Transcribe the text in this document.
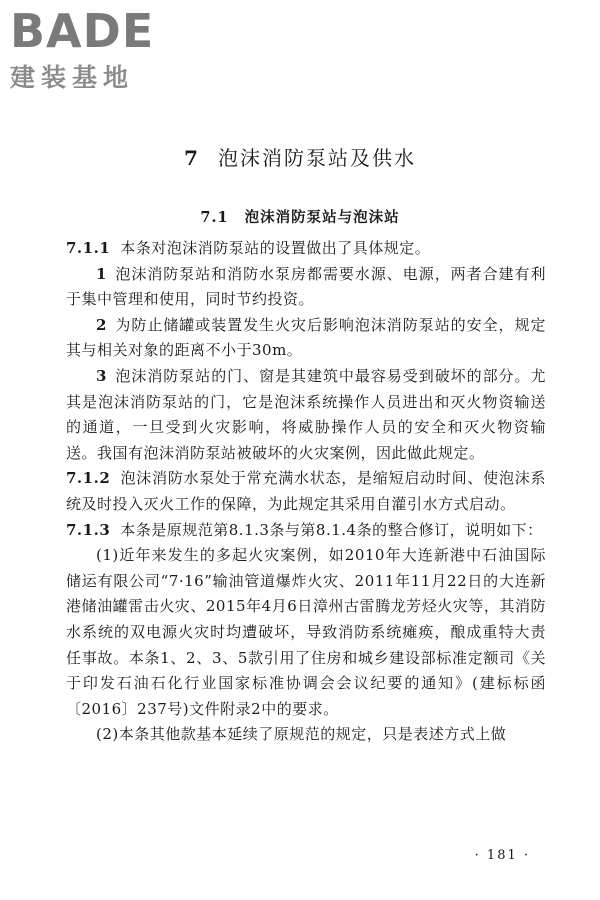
BADE
建装基地
7 泡沫消防泵站及供水
7.1 泡沫消防泵站与泡沫站

7.1.1 本条对泡沫消防泵站的设置做出了具体规定。

1 泡沫消防泵站和消防水泵房都需要水源、电源，两者合建有利于集中管理和使用，同时节约投资。

2 为防止储罐或装置发生火灾后影响泡沫消防泵站的安全，规定其与相关对象的距离不小于30m。

3 泡沫消防泵站的门、窗是其建筑中最容易受到破坏的部分。尤其是泡沫消防泵站的门，它是泡沫系统操作人员进出和灭火物资输送的通道，一旦受到火灾影响，将威胁操作人员的安全和灭火物资输送。我国有泡沫消防泵站被破坏的火灾案例，因此做此规定。

7.1.2 泡沫消防水泵处于常充满水状态，是缩短启动时间、使泡沫系统及时投入灭火工作的保障，为此规定其采用自灌引水方式启动。

7.1.3 本条是原规范第8.1.3条与第8.1.4条的整合修订，说明如下：

(1)近年来发生的多起火灾案例，如2010年大连新港中石油国际储运有限公司“7·16”输油管道爆炸火灾、2011年11月22日的大连新港储油罐雷击火灾、2015年4月6日漳州古雷腾龙芳烃火灾等，其消防水系统的双电源火灾时均遭破坏，导致消防系统瘫痪，酿成重特大责任事故。本条1、2、3、5款引用了住房和城乡建设部标准定额司《关于印发石油石化行业国家标准协调会会议纪要的通知》(建标标函〔2016〕237号)文件附录2中的要求。

(2)本条其他款基本延续了原规范的规定，只是表述方式上做

· 181 ·
